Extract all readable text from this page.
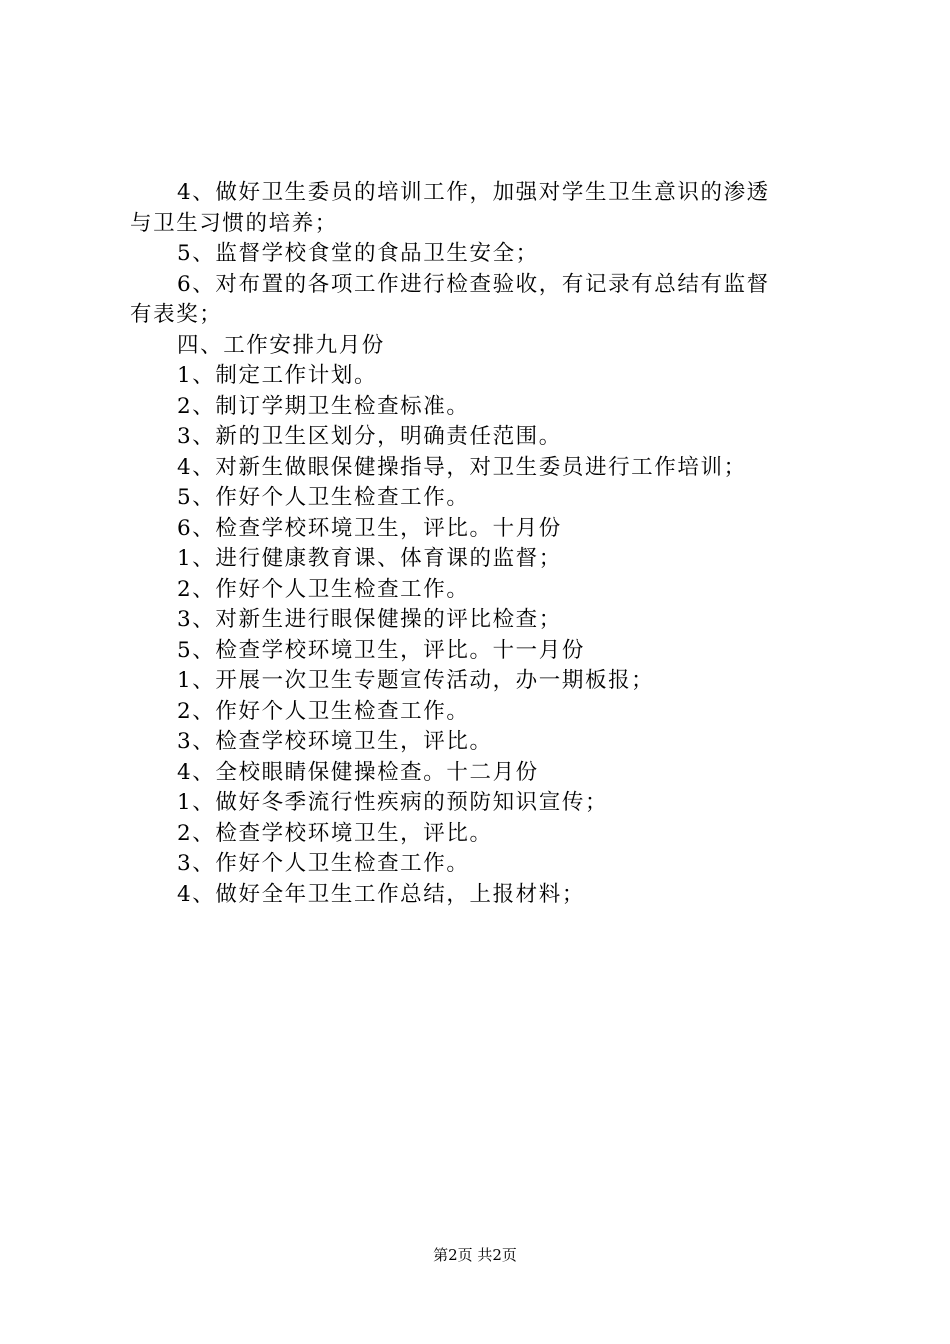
4、做好卫生委员的培训工作，加强对学生卫生意识的渗透
与卫生习惯的培养；
5、监督学校食堂的食品卫生安全；
6、对布置的各项工作进行检查验收，有记录有总结有监督
有表奖；
四、工作安排九月份
1、制定工作计划。
2、制订学期卫生检查标准。
3、新的卫生区划分，明确责任范围。
4、对新生做眼保健操指导，对卫生委员进行工作培训；
5、作好个人卫生检查工作。
6、检查学校环境卫生，评比。十月份
1、进行健康教育课、体育课的监督；
2、作好个人卫生检查工作。
3、对新生进行眼保健操的评比检查；
5、检查学校环境卫生，评比。十一月份
1、开展一次卫生专题宣传活动，办一期板报；
2、作好个人卫生检查工作。
3、检查学校环境卫生，评比。
4、全校眼睛保健操检查。十二月份
1、做好冬季流行性疾病的预防知识宣传；
2、检查学校环境卫生，评比。
3、作好个人卫生检查工作。
4、做好全年卫生工作总结，上报材料；
第2页 共2页
